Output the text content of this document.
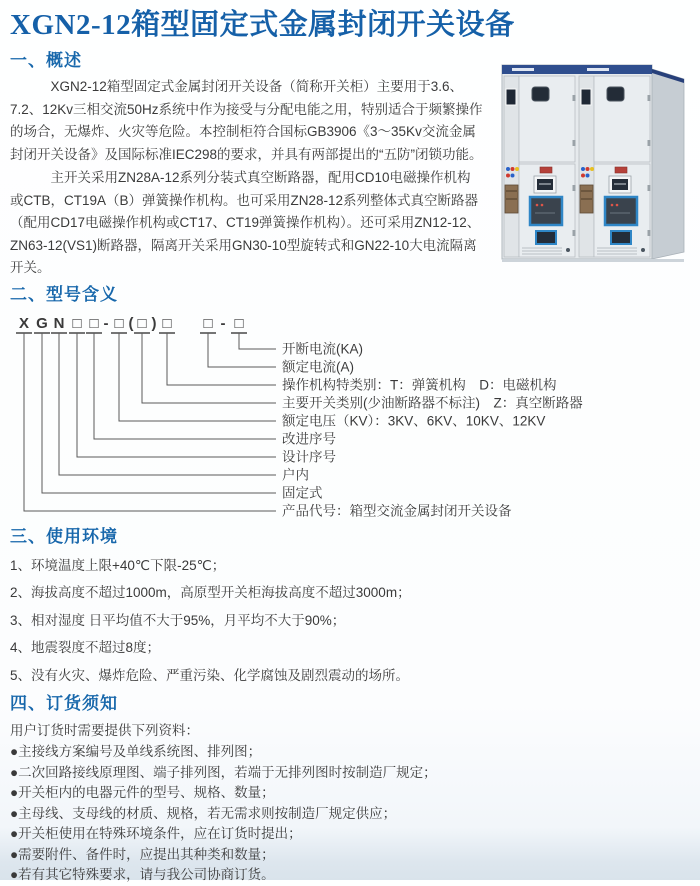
XGN2-12箱型固定式金属封闭开关设备
一、概述

XGN2-12箱型固定式金属封闭开关设备（简称开关柜）主要用于3.6、7.2、12Kv三相交流50Hz系统中作为接受与分配电能之用，特别适合于频繁操作的场合，无爆炸、火灾等危险。本控制柜符合国标GB3906《3～35Kv交流金属封闭开关设备》及国际标准IEC298的要求，并具有两部提出的“五防”闭锁功能。

主开关采用ZN28A-12系列分装式真空断路器，配用CD10电磁操作机构或CTB，CT19A（B）弹簧操作机构。也可采用ZN28-12系列整体式真空断路器（配用CD17电磁操作机构或CT17、CT19弹簧操作机构）。还可采用ZN12-12、ZN63-12(VS1)断路器，隔离开关采用GN30-10型旋转式和GN22-10大电流隔离开关。

二、型号含义
X G N □ □ - □ ( □ ) □ □ - □
开断电流(KA)
额定电流(A)
操作机构特类别：T：弹簧机构　D：电磁机构
主要开关类别(少油断路器不标注)　Z：真空断路器
额定电压（KV）：3KV、6KV、10KV、12KV
改进序号
设计序号
户内
固定式
产品代号：箱型交流金属封闭开关设备
三、使用环境
1、环境温度上限+40℃下限-25℃；
2、海拔高度不超过1000m，高原型开关柜海拔高度不超过3000m；
3、相对湿度 日平均值不大于95%，月平均不大于90%；
4、地震裂度不超过8度；
5、没有火灾、爆炸危险、严重污染、化学腐蚀及剧烈震动的场所。
四、订货须知
用户订货时需要提供下列资料：
●主接线方案编号及单线系统图、排列图；
●二次回路接线原理图、端子排列图，若端于无排列图时按制造厂规定；
●开关柜内的电器元件的型号、规格、数量；
●主母线、支母线的材质、规格，若无需求则按制造厂规定供应；
●开关柜使用在特殊环境条件，应在订货时提出；
●需要附件、备件时，应提出其种类和数量；
●若有其它特殊要求，请与我公司协商订货。
